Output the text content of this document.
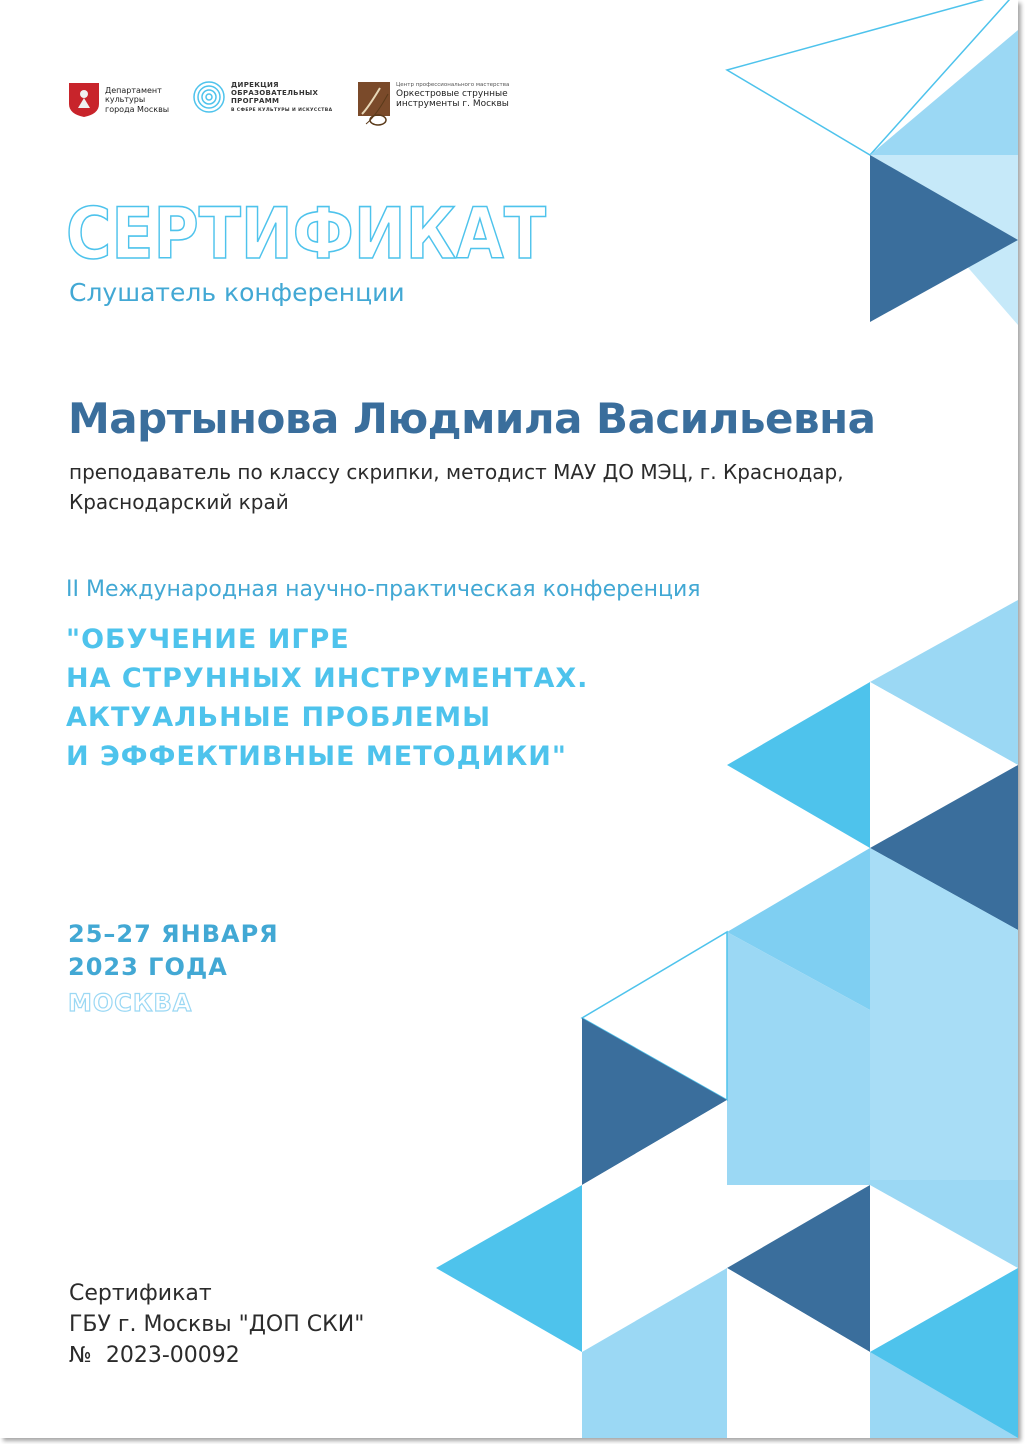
Департамент
культуры
города Москвы
ДИРЕКЦИЯ
ОБРАЗОВАТЕЛЬНЫХ
ПРОГРАММ
В СФЕРЕ КУЛЬТУРЫ И ИСКУССТВА
Центр профессионального мастерства
Оркестровые струнные
инструменты г. Москвы
СЕРТИФИКАТ
Слушатель конференции
Мартынова Людмила Васильевна
преподаватель по классу скрипки, методист МАУ ДО МЭЦ, г. Краснодар,
Краснодарский край
II Международная научно-практическая конференция
"ОБУЧЕНИЕ ИГРЕ
НА СТРУННЫХ ИНСТРУМЕНТАХ.
АКТУАЛЬНЫЕ ПРОБЛЕМЫ
И ЭФФЕКТИВНЫЕ МЕТОДИКИ"
25–27 ЯНВАРЯ
2023 ГОДА
МОСКВА
Сертификат
ГБУ г. Москвы "ДОП СКИ"
№  2023-00092
